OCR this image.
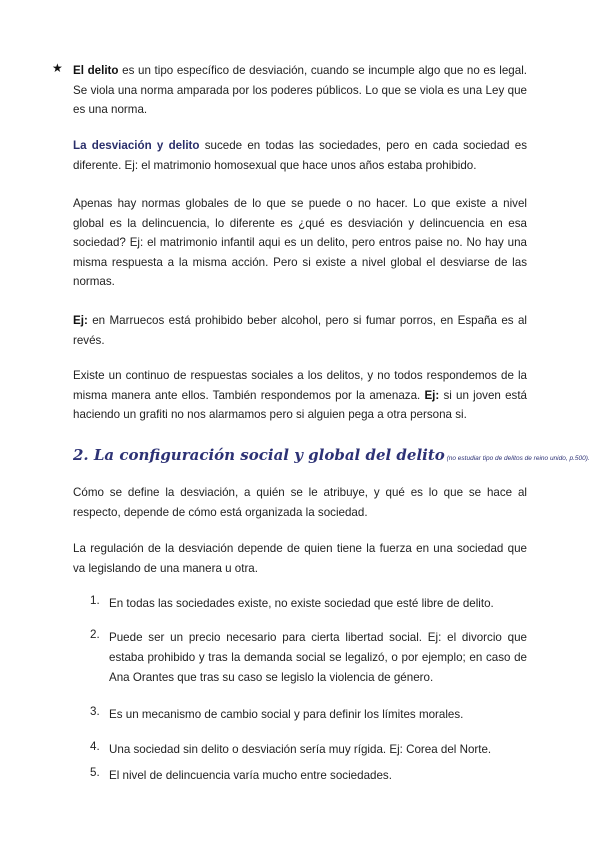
★ El delito es un tipo específico de desviación, cuando se incumple algo que no es legal. Se viola una norma amparada por los poderes públicos. Lo que se viola es una Ley que es una norma.

La desviación y delito sucede en todas las sociedades, pero en cada sociedad es diferente. Ej: el matrimonio homosexual que hace unos años estaba prohibido.

Apenas hay normas globales de lo que se puede o no hacer. Lo que existe a nivel global es la delincuencia, lo diferente es ¿qué es desviación y delincuencia en esa sociedad? Ej: el matrimonio infantil aqui es un delito, pero entros paise no. No hay una misma respuesta a la misma acción. Pero si existe a nivel global el desviarse de las normas.

Ej: en Marruecos está prohibido beber alcohol, pero si fumar porros, en España es al revés.

Existe un continuo de respuestas sociales a los delitos, y no todos respondemos de la misma manera ante ellos. También respondemos por la amenaza. Ej: si un joven está haciendo un grafiti no nos alarmamos pero si alguien pega a otra persona si.

2. La configuración social y global del delito (no estudiar tipo de delitos de reino unido, p.500).

Cómo se define la desviación, a quién se le atribuye, y qué es lo que se hace al respecto, depende de cómo está organizada la sociedad.

La regulación de la desviación depende de quien tiene la fuerza en una sociedad que va legislando de una manera u otra.

1. En todas las sociedades existe, no existe sociedad que esté libre de delito.

2. Puede ser un precio necesario para cierta libertad social. Ej: el divorcio que estaba prohibido y tras la demanda social se legalizó, o por ejemplo; en caso de Ana Orantes que tras su caso se legislo la violencia de género.

3. Es un mecanismo de cambio social y para definir los límites morales.

4. Una sociedad sin delito o desviación sería muy rígida. Ej: Corea del Norte.

5. El nivel de delincuencia varía mucho entre sociedades.
